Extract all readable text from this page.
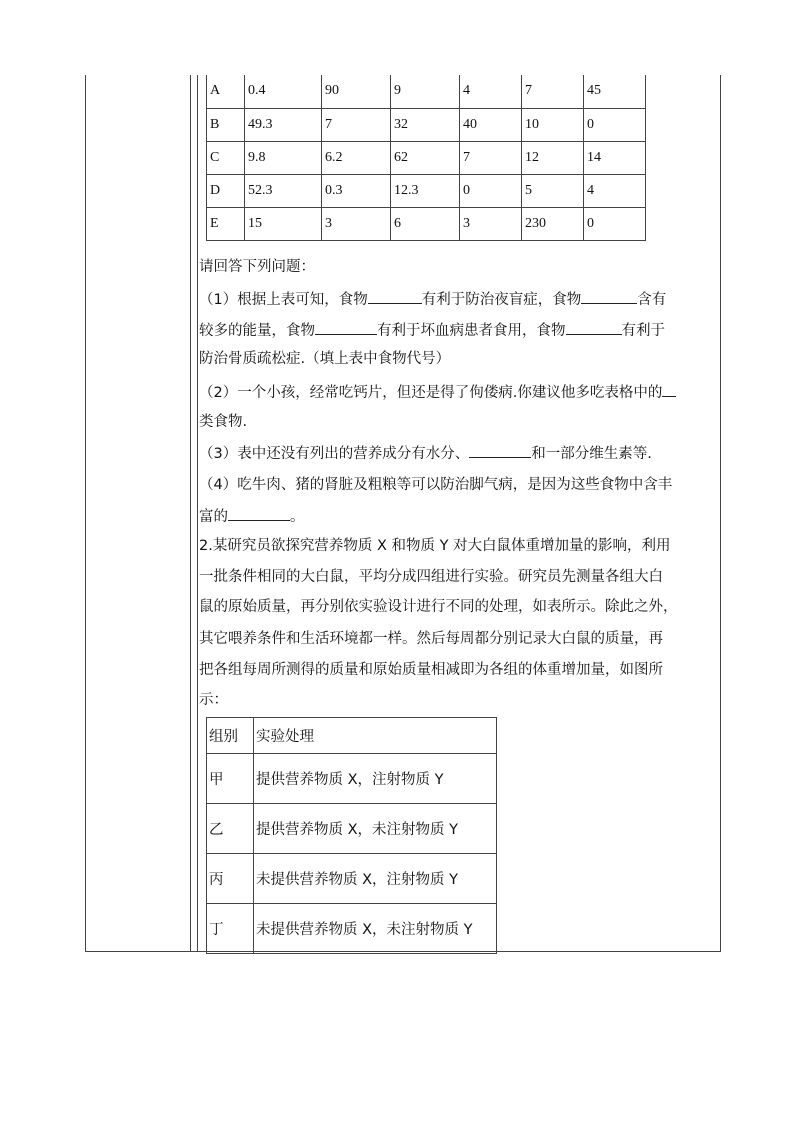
A	0.4	90	9	4	7	45
B	49.3	7	32	40	10	0
C	9.8	6.2	62	7	12	14
D	52.3	0.3	12.3	0	5	4
E	15	3	6	3	230	0
请回答下列问题：
（1）根据上表可知，食物	有利于防治夜盲症，食物	含有
较多的能量，食物	有利于坏血病患者食用，食物	有利于
防治骨质疏松症.（填上表中食物代号）
（2）一个小孩，经常吃钙片，但还是得了佝偻病.你建议他多吃表格中的
类食物.
（3）表中还没有列出的营养成分有水分、	和一部分维生素等.
（4）吃牛肉、猪的肾脏及粗粮等可以防治脚气病，是因为这些食物中含丰
富的	。
2.某研究员欲探究营养物质 X 和物质 Y 对大白鼠体重增加量的影响，利用
一批条件相同的大白鼠，平均分成四组进行实验。研究员先测量各组大白
鼠的原始质量，再分别依实验设计进行不同的处理，如表所示。除此之外，
其它喂养条件和生活环境都一样。然后每周都分别记录大白鼠的质量，再
把各组每周所测得的质量和原始质量相减即为各组的体重增加量，如图所
示：
组别	实验处理
甲	提供营养物质 X，注射物质 Y
乙	提供营养物质 X，未注射物质 Y
丙	未提供营养物质 X，注射物质 Y
丁	未提供营养物质 X，未注射物质 Y
